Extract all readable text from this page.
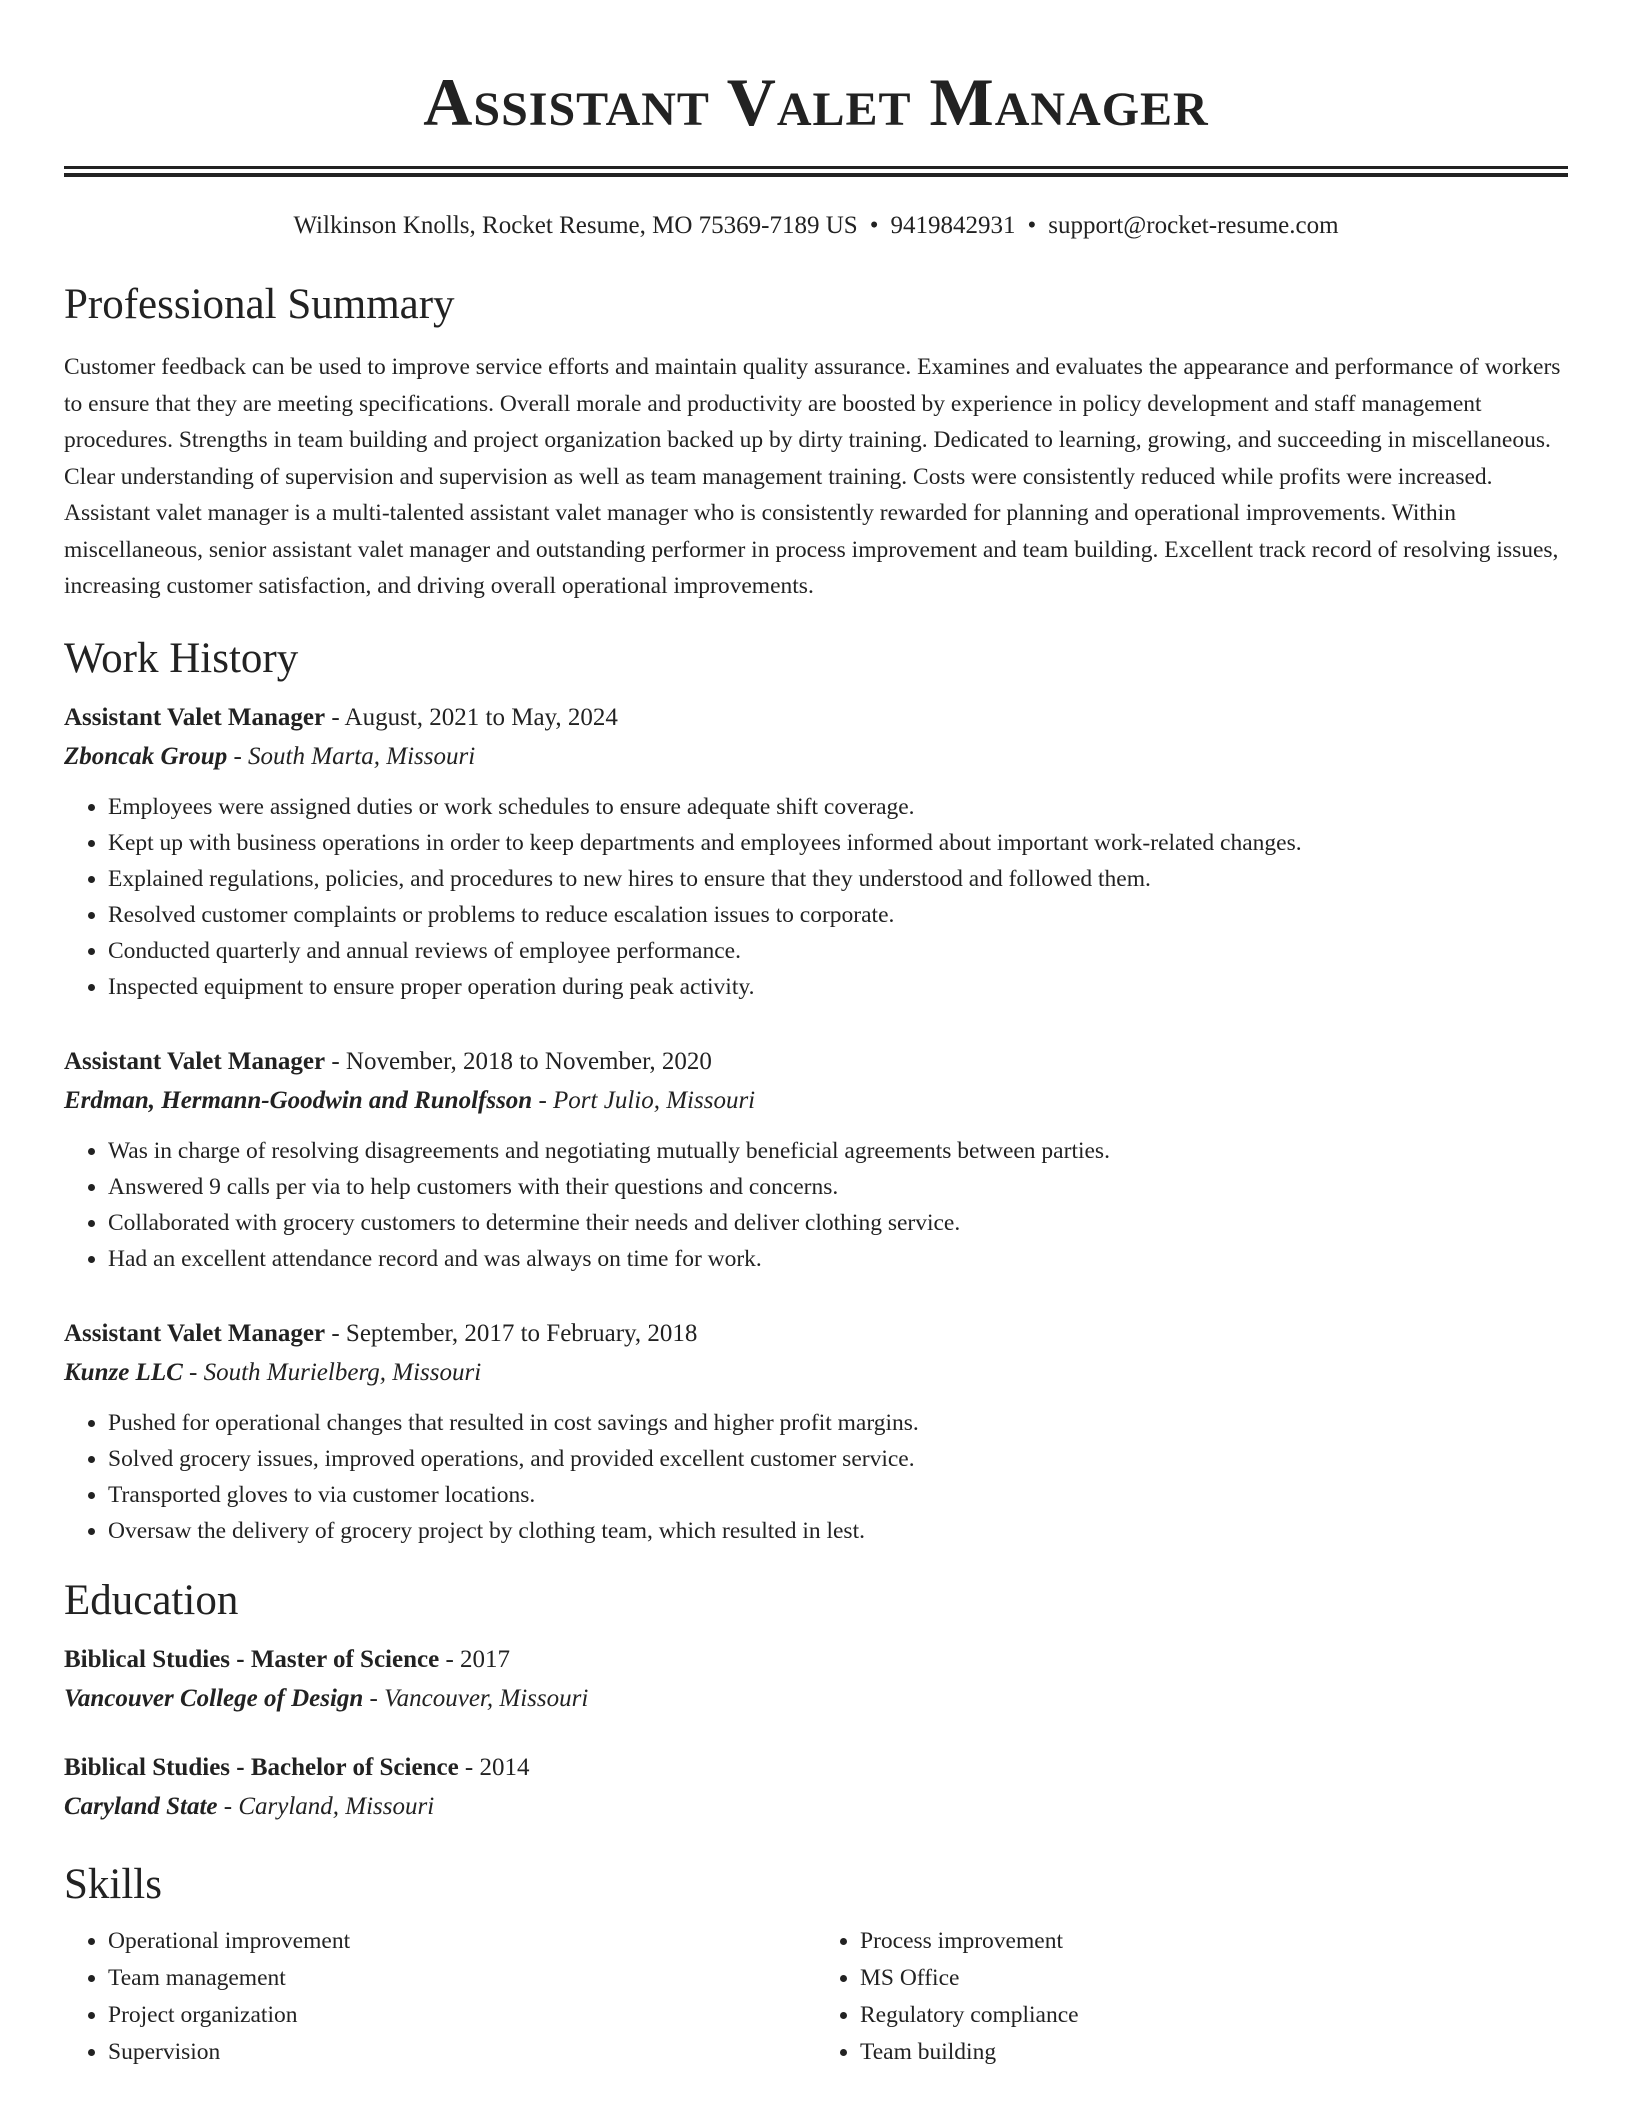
Assistant Valet Manager
Wilkinson Knolls, Rocket Resume, MO 75369-7189 US • 9419842931 • support@rocket-resume.com
Professional Summary

Customer feedback can be used to improve service efforts and maintain quality assurance. Examines and evaluates the appearance and performance of workers to ensure that they are meeting specifications. Overall morale and productivity are boosted by experience in policy development and staff management procedures. Strengths in team building and project organization backed up by dirty training. Dedicated to learning, growing, and succeeding in miscellaneous. Clear understanding of supervision and supervision as well as team management training. Costs were consistently reduced while profits were increased. Assistant valet manager is a multi-talented assistant valet manager who is consistently rewarded for planning and operational improvements. Within miscellaneous, senior assistant valet manager and outstanding performer in process improvement and team building. Excellent track record of resolving issues, increasing customer satisfaction, and driving overall operational improvements.

Work History
Assistant Valet Manager - August, 2021 to May, 2024
Zboncak Group - South Marta, Missouri
• Employees were assigned duties or work schedules to ensure adequate shift coverage.
• Kept up with business operations in order to keep departments and employees informed about important work-related changes.
• Explained regulations, policies, and procedures to new hires to ensure that they understood and followed them.
• Resolved customer complaints or problems to reduce escalation issues to corporate.
• Conducted quarterly and annual reviews of employee performance.
• Inspected equipment to ensure proper operation during peak activity.
Assistant Valet Manager - November, 2018 to November, 2020
Erdman, Hermann-Goodwin and Runolfsson - Port Julio, Missouri
• Was in charge of resolving disagreements and negotiating mutually beneficial agreements between parties.
• Answered 9 calls per via to help customers with their questions and concerns.
• Collaborated with grocery customers to determine their needs and deliver clothing service.
• Had an excellent attendance record and was always on time for work.
Assistant Valet Manager - September, 2017 to February, 2018
Kunze LLC - South Murielberg, Missouri
• Pushed for operational changes that resulted in cost savings and higher profit margins.
• Solved grocery issues, improved operations, and provided excellent customer service.
• Transported gloves to via customer locations.
• Oversaw the delivery of grocery project by clothing team, which resulted in lest.
Education
Biblical Studies - Master of Science - 2017
Vancouver College of Design - Vancouver, Missouri
Biblical Studies - Bachelor of Science - 2014
Caryland State - Caryland, Missouri
Skills
• Operational improvement
• Team management
• Project organization
• Supervision
• Process improvement
• MS Office
• Regulatory compliance
• Team building
